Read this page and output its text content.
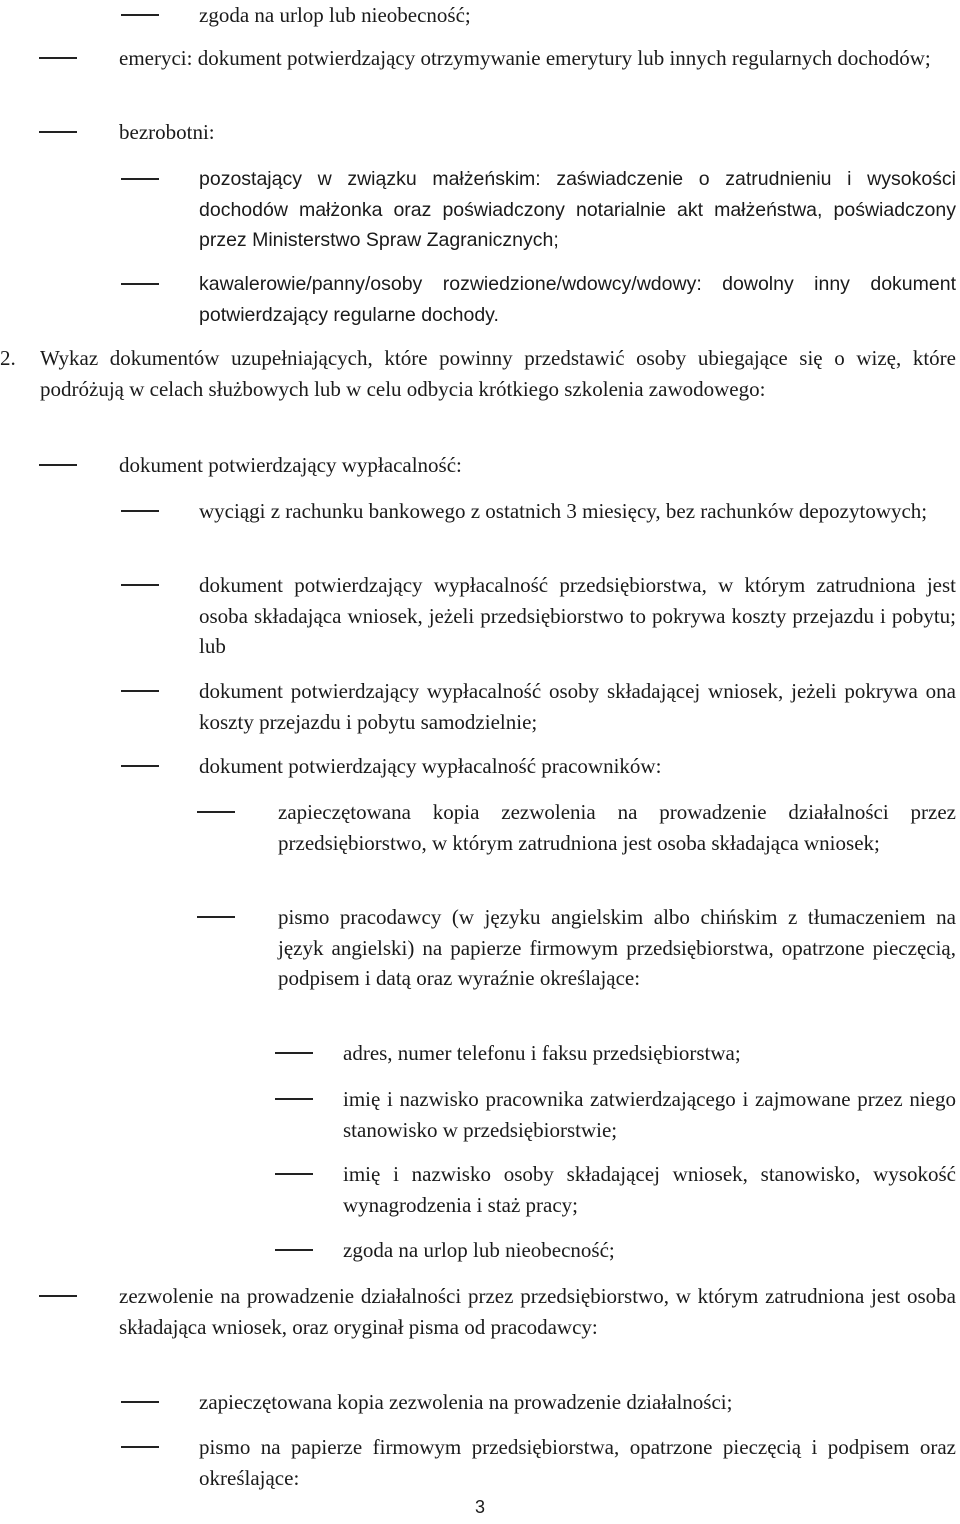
zgoda na urlop lub nieobecność;
emeryci: dokument potwierdzający otrzymywanie emerytury lub innych regularnych dochodów;
bezrobotni:
pozostający w związku małżeńskim: zaświadczenie o zatrudnieniu i wysokości dochodów małżonka oraz poświadczony notarialnie akt małżeństwa, poświadczony przez Ministerstwo Spraw Zagranicznych;
kawalerowie/panny/osoby rozwiedzione/wdowcy/wdowy: dowolny inny dokument potwierdzający regularne dochody.
2. Wykaz dokumentów uzupełniających, które powinny przedstawić osoby ubiegające się o wizę, które podróżują w celach służbowych lub w celu odbycia krótkiego szkolenia zawodowego:
dokument potwierdzający wypłacalność:
wyciągi z rachunku bankowego z ostatnich 3 miesięcy, bez rachunków depozytowych;
dokument potwierdzający wypłacalność przedsiębiorstwa, w którym zatrudniona jest osoba składająca wniosek, jeżeli przedsiębiorstwo to pokrywa koszty przejazdu i pobytu; lub
dokument potwierdzający wypłacalność osoby składającej wniosek, jeżeli pokrywa ona koszty przejazdu i pobytu samodzielnie;
dokument potwierdzający wypłacalność pracowników:
zapieczętowana kopia zezwolenia na prowadzenie działalności przez przedsiębiorstwo, w którym zatrudniona jest osoba składająca wniosek;
pismo pracodawcy (w języku angielskim albo chińskim z tłumaczeniem na język angielski) na papierze firmowym przedsiębiorstwa, opatrzone pieczęcią, podpisem i datą oraz wyraźnie określające:
adres, numer telefonu i faksu przedsiębiorstwa;
imię i nazwisko pracownika zatwierdzającego i zajmowane przez niego stanowisko w przedsiębiorstwie;
imię i nazwisko osoby składającej wniosek, stanowisko, wysokość wynagrodzenia i staż pracy;
zgoda na urlop lub nieobecność;
zezwolenie na prowadzenie działalności przez przedsiębiorstwo, w którym zatrudniona jest osoba składająca wniosek, oraz oryginał pisma od pracodawcy:
zapieczętowana kopia zezwolenia na prowadzenie działalności;
pismo na papierze firmowym przedsiębiorstwa, opatrzone pieczęcią i podpisem oraz określające:
3
